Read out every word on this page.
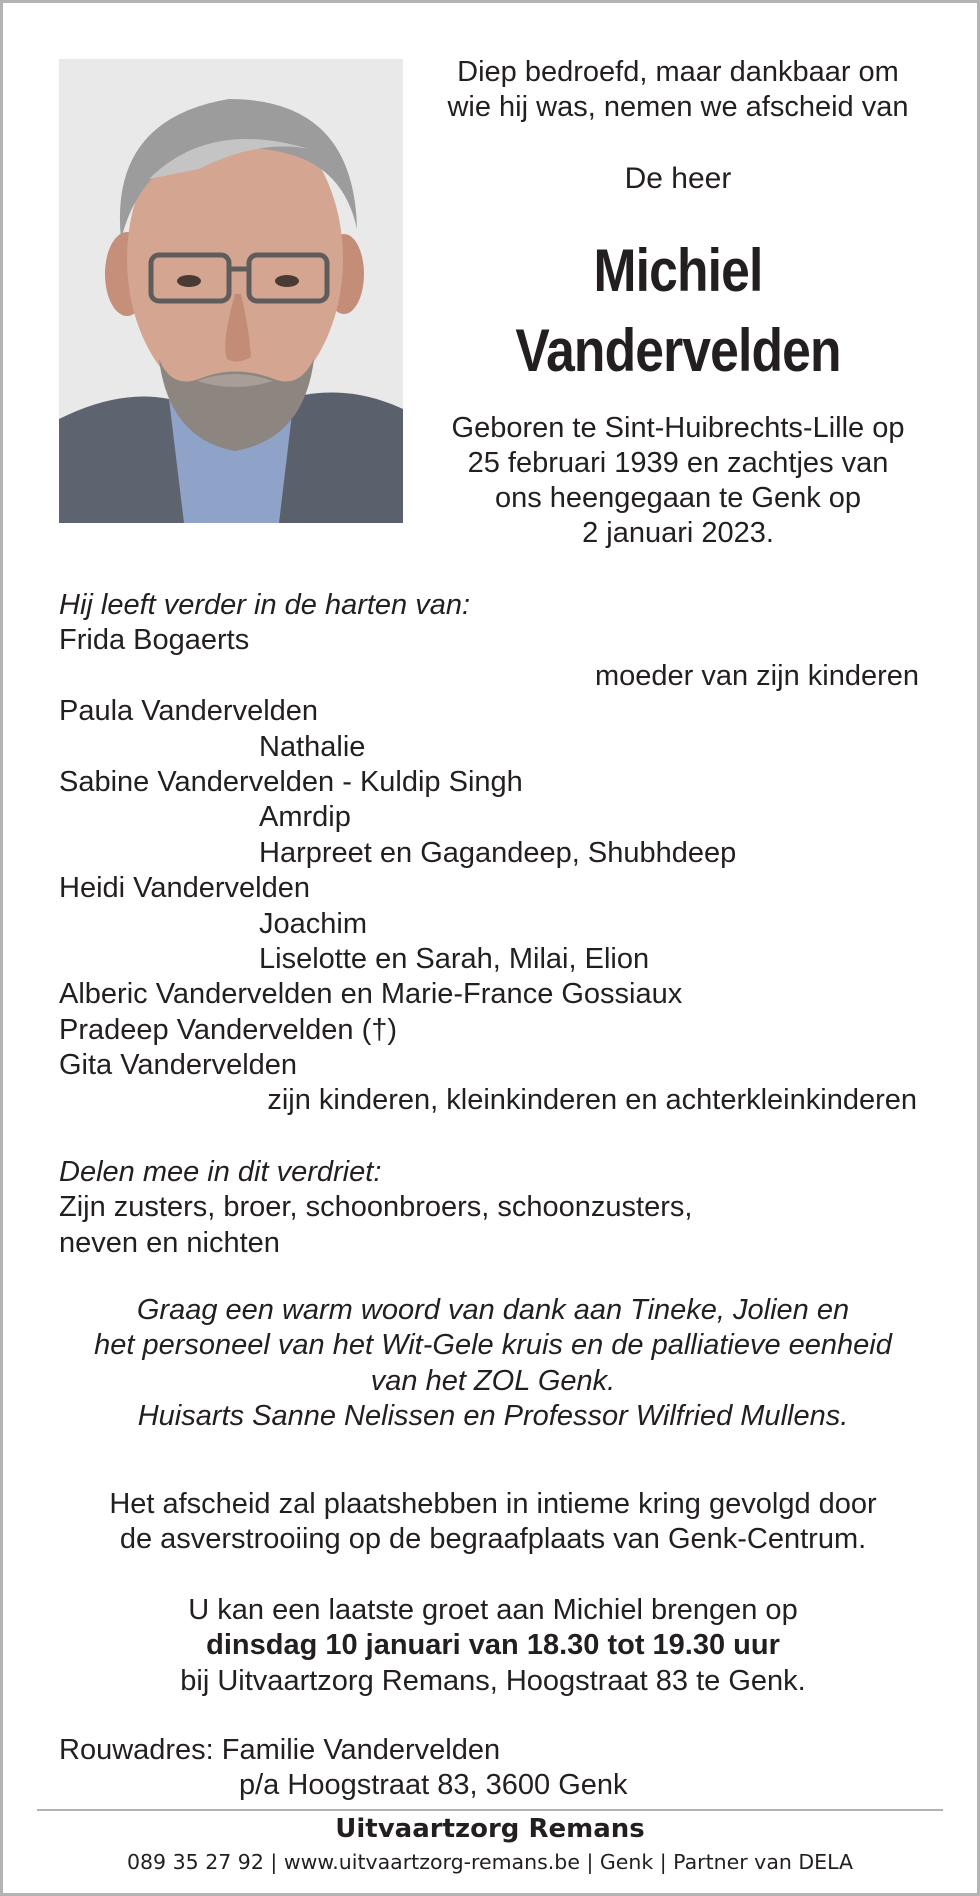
Diep bedroefd, maar dankbaar om
wie hij was, nemen we afscheid van
De heer
Michiel
Vandervelden
Geboren te Sint-Huibrechts-Lille op
25 februari 1939 en zachtjes van
ons heengegaan te Genk op
2 januari 2023.
Hij leeft verder in de harten van:
Frida Bogaerts
moeder van zijn kinderen
Paula Vandervelden
Nathalie
Sabine Vandervelden - Kuldip Singh
Amrdip
Harpreet en Gagandeep, Shubhdeep
Heidi Vandervelden
Joachim
Liselotte en Sarah, Milai, Elion
Alberic Vandervelden en Marie-France Gossiaux
Pradeep Vandervelden (†)
Gita Vandervelden
zijn kinderen, kleinkinderen en achterkleinkinderen
Delen mee in dit verdriet:
Zijn zusters, broer, schoonbroers, schoonzusters,
neven en nichten
Graag een warm woord van dank aan Tineke, Jolien en
het personeel van het Wit-Gele kruis en de palliatieve eenheid
van het ZOL Genk.
Huisarts Sanne Nelissen en Professor Wilfried Mullens.
Het afscheid zal plaatshebben in intieme kring gevolgd door
de asverstrooiing op de begraafplaats van Genk-Centrum.
U kan een laatste groet aan Michiel brengen op
dinsdag 10 januari van 18.30 tot 19.30 uur
bij Uitvaartzorg Remans, Hoogstraat 83 te Genk.
Rouwadres: Familie Vandervelden
p/a Hoogstraat 83, 3600 Genk
Uitvaartzorg Remans
089 35 27 92 | www.uitvaartzorg-remans.be | Genk | Partner van DELA
